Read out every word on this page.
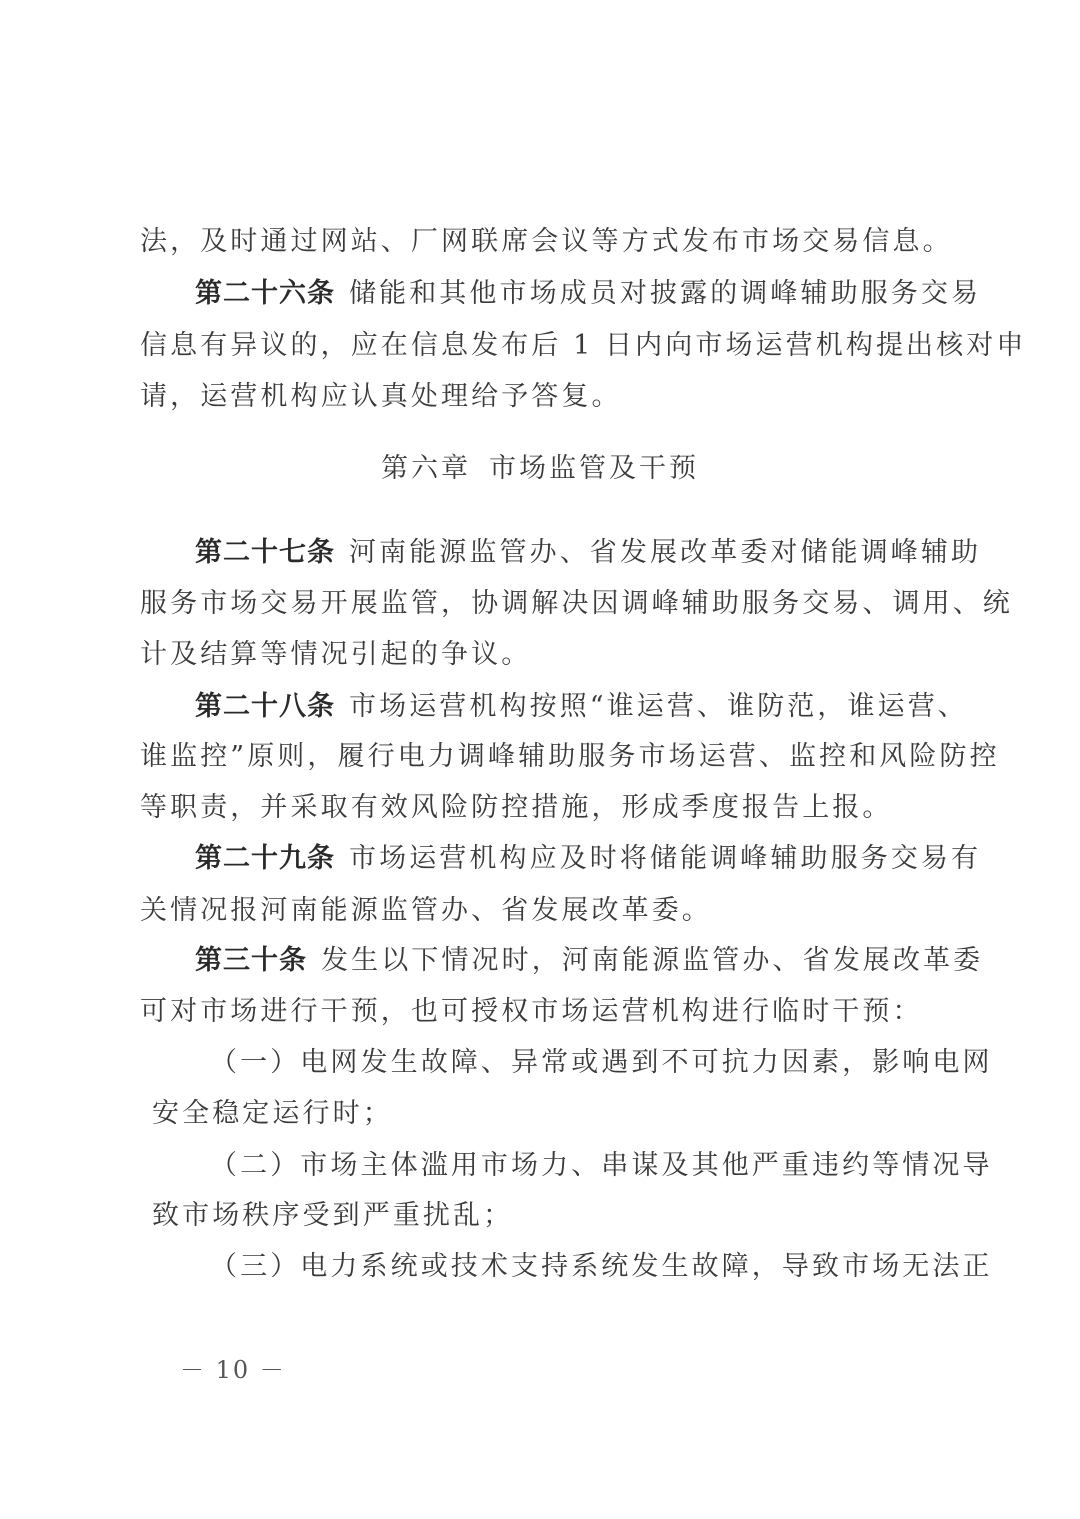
法，及时通过网站、厂网联席会议等方式发布市场交易信息。
第二十六条 储能和其他市场成员对披露的调峰辅助服务交易
信息有异议的，应在信息发布后 1 日内向市场运营机构提出核对申
请，运营机构应认真处理给予答复。
第六章 市场监管及干预
第二十七条 河南能源监管办、省发展改革委对储能调峰辅助
服务市场交易开展监管，协调解决因调峰辅助服务交易、调用、统
计及结算等情况引起的争议。
第二十八条 市场运营机构按照“谁运营、谁防范，谁运营、
谁监控”原则，履行电力调峰辅助服务市场运营、监控和风险防控
等职责，并采取有效风险防控措施，形成季度报告上报。
第二十九条 市场运营机构应及时将储能调峰辅助服务交易有
关情况报河南能源监管办、省发展改革委。
第三十条 发生以下情况时，河南能源监管办、省发展改革委
可对市场进行干预，也可授权市场运营机构进行临时干预：
（一）电网发生故障、异常或遇到不可抗力因素，影响电网
安全稳定运行时；
（二）市场主体滥用市场力、串谋及其他严重违约等情况导
致市场秩序受到严重扰乱；
（三）电力系统或技术支持系统发生故障，导致市场无法正
－ 10 －
